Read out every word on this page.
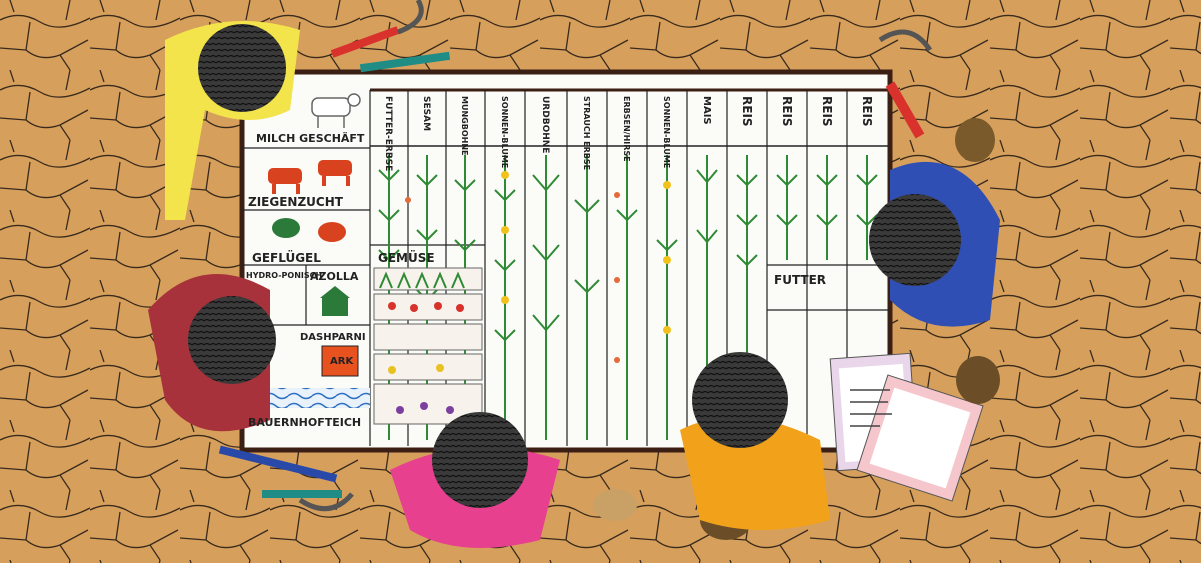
FUTTER-ERBSE	SESAM	MUNGBOHNE	SONNEN-BLUME	URDBOHNE	STRAUCH ERBSE	ERBSEN/HIRSE	SONNEN-BLUME	MAIS REIS REIS REIS REIS
MILCH GESCHÄFT
ZIEGENZUCHT
GEFLÜGEL
HYDRO-PONISCH
AZOLLA
DASHPARNI
ARK
BAUERNHOFTEICH
GEMÜSE
FUTTER
